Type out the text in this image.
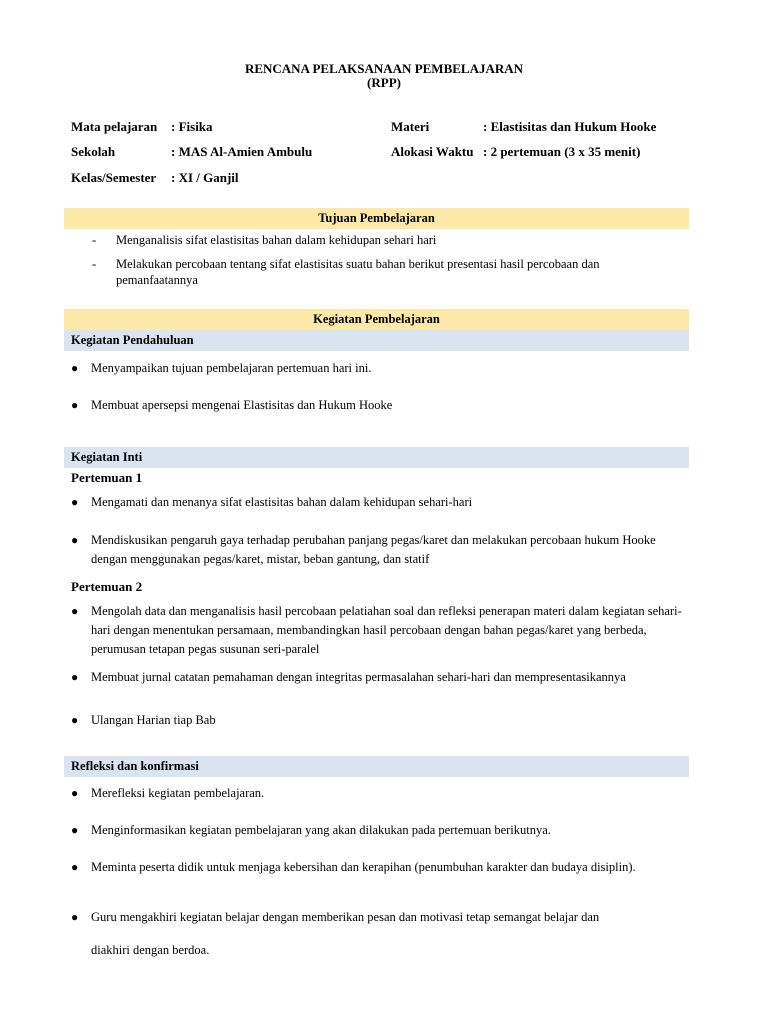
RENCANA PELAKSANAAN PEMBELAJARAN
(RPP)
Mata pelajaran : Fisika
Sekolah	: MAS Al-Amien Ambulu
Kelas/Semester : XI / Ganjil
Materi	: Elastisitas dan Hukum Hooke
Alokasi Waktu : 2 pertemuan (3 x 35 menit)
Tujuan Pembelajaran
- Menganalisis sifat elastisitas bahan dalam kehidupan sehari hari
- Melakukan percobaan tentang sifat elastisitas suatu bahan berikut presentasi hasil percobaan dan pemanfaatannya
Kegiatan Pembelajaran
Kegiatan Pendahuluan
● Menyampaikan tujuan pembelajaran pertemuan hari ini.
● Membuat apersepsi mengenai Elastisitas dan Hukum Hooke
Kegiatan Inti
Pertemuan 1
● Mengamati dan menanya sifat elastisitas bahan dalam kehidupan sehari-hari
● Mendiskusikan pengaruh gaya terhadap perubahan panjang pegas/karet dan melakukan percobaan hukum Hooke dengan menggunakan pegas/karet, mistar, beban gantung, dan statif
Pertemuan 2
● Mengolah data dan menganalisis hasil percobaan pelatiahan soal dan refleksi penerapan materi dalam kegiatan sehari-hari dengan menentukan persamaan, membandingkan hasil percobaan dengan bahan pegas/karet yang berbeda, perumusan tetapan pegas susunan seri-paralel
● Membuat jurnal catatan pemahaman dengan integritas permasalahan sehari-hari dan mempresentasikannya
● Ulangan Harian tiap Bab
Refleksi dan konfirmasi
● Merefleksi kegiatan pembelajaran.
● Menginformasikan kegiatan pembelajaran yang akan dilakukan pada pertemuan berikutnya.
● Meminta peserta didik untuk menjaga kebersihan dan kerapihan (penumbuhan karakter dan budaya disiplin).
● Guru mengakhiri kegiatan belajar dengan memberikan pesan dan motivasi tetap semangat belajar dan
diakhiri dengan berdoa.
